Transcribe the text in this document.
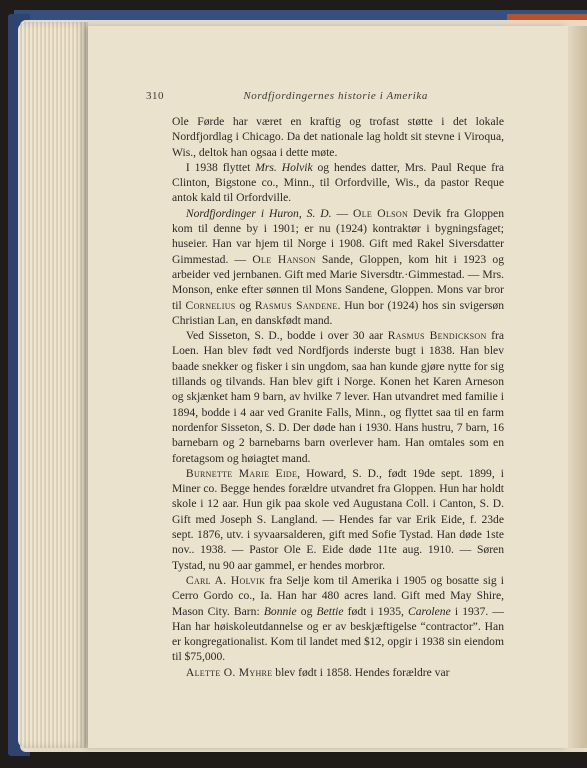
310	Nordfjordingernes historie i Amerika

Ole Førde har været en kraftig og trofast støtte i det lokale Nordfjordlag i Chicago. Da det nationale lag holdt sit stevne i Viroqua, Wis., deltok han ogsaa i dette møte.

I 1938 flyttet Mrs. Holvik og hendes datter, Mrs. Paul Reque fra Clinton, Bigstone co., Minn., til Orfordville, Wis., da pastor Reque antok kald til Orfordville.

Nordfjordinger i Huron, S. D. — Ole Olson Devik fra Gloppen kom til denne by i 1901; er nu (1924) kontraktør i bygningsfaget; huseier. Han var hjem til Norge i 1908. Gift med Rakel Siversdatter Gimmestad. — Ole Hanson Sande, Gloppen, kom hit i 1923 og arbeider ved jernbanen. Gift med Marie Siversdtr.·Gimmestad. — Mrs. Monson, enke efter sønnen til Mons Sandene, Gloppen. Mons var bror til Cornelius og Rasmus Sandene. Hun bor (1924) hos sin svigersøn Christian Lan, en danskfødt mand.

Ved Sisseton, S. D., bodde i over 30 aar Rasmus Bendickson fra Loen. Han blev født ved Nordfjords inderste bugt i 1838. Han blev baade snekker og fisker i sin ungdom, saa han kunde gjøre nytte for sig tillands og tilvands. Han blev gift i Norge. Konen het Karen Arneson og skjænket ham 9 barn, av hvilke 7 lever. Han utvandret med familie i 1894, bodde i 4 aar ved Granite Falls, Minn., og flyttet saa til en farm nordenfor Sisseton, S. D. Der døde han i 1930. Hans hustru, 7 barn, 16 barnebarn og 2 barnebarns barn overlever ham. Han omtales som en foretagsom og høiagtet mand.

Burnette Marie Eide, Howard, S. D., født 19de sept. 1899, i Miner co. Begge hendes forældre utvandret fra Gloppen. Hun har holdt skole i 12 aar. Hun gik paa skole ved Augustana Coll. i Canton, S. D. Gift med Joseph S. Langland. — Hendes far var Erik Eide, f. 23de sept. 1876, utv. i syvaarsalderen, gift med Sofie Tystad. Han døde 1ste nov.. 1938. — Pastor Ole E. Eide døde 11te aug. 1910. — Søren Tystad, nu 90 aar gammel, er hendes morbror.

Carl A. Holvik fra Selje kom til Amerika i 1905 og bosatte sig i Cerro Gordo co., Ia. Han har 480 acres land. Gift med May Shire, Mason City. Barn: Bonnie og Bettie født i 1935, Carolene i 1937. — Han har høiskoleutdannelse og er av beskjæftigelse “contractor”. Han er kongregationalist. Kom til landet med $12, opgir i 1938 sin eiendom til $75,000.

Alette O. Myhre blev født i 1858. Hendes forældre var
